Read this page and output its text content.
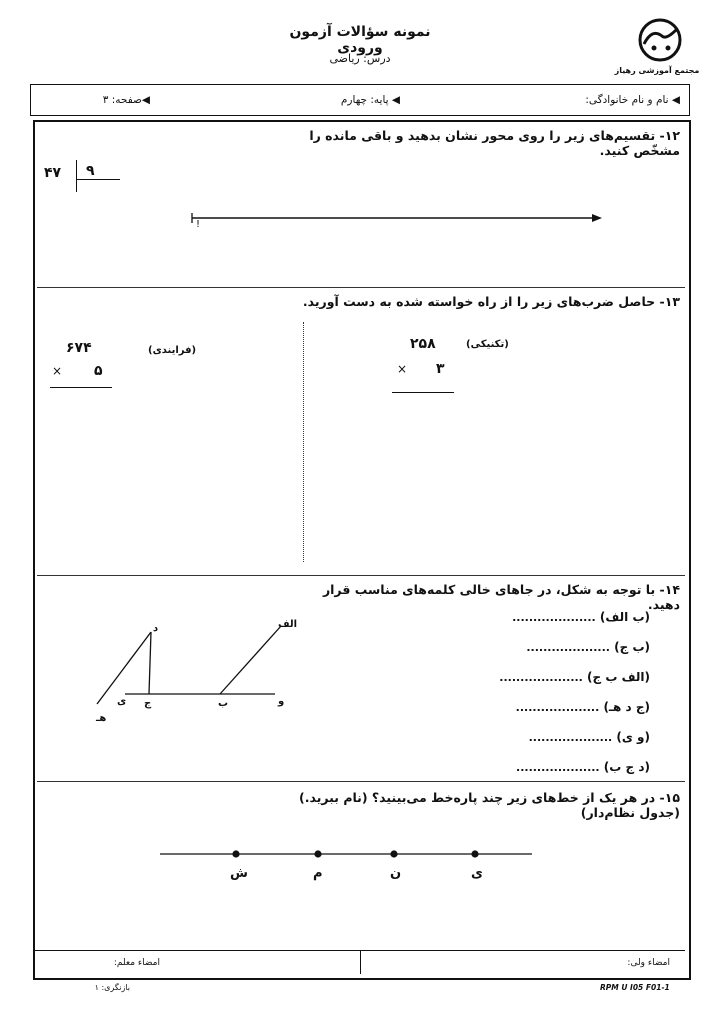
نمونه سؤالات آزمون ورودی
درس: ریاضی
مجتمع آموزشی رهیاز
◀ نام و نام خانوادگی:
◀ پایه: چهارم
◀صفحه: ۳
۱۲- تقسیم‌های زیر را روی محور نشان بدهید و باقی مانده را مشخّص کنید.
۴۷ ۹
!
۱۳- حاصل ضرب‌های زیر را از راه خواسته شده به دست آورید.
(تکنیکی)
۲۵۸
× ۳
(فرایندی)
۶۷۴
× ۵
۱۴- با توجه به شکل، در جاهای خالی کلمه‌های مناسب قرار دهید.
الف
د
و
ب
ج
ی
هـ
(ب الف) ....................
(ب ج) ....................
(الف ب ج) ....................
(ج د هـ) ....................
(و ی) ....................
(د ج ب) ....................
۱۵- در هر یک از خط‌های زیر چند پاره‌خط می‌بینید؟ (نام ببرید.) (جدول نظام‌دار)
ش	م	ن	ی
امضاء ولی:
امضاء معلم:
بازنگری: ۱	RPM U I05 F01-1
